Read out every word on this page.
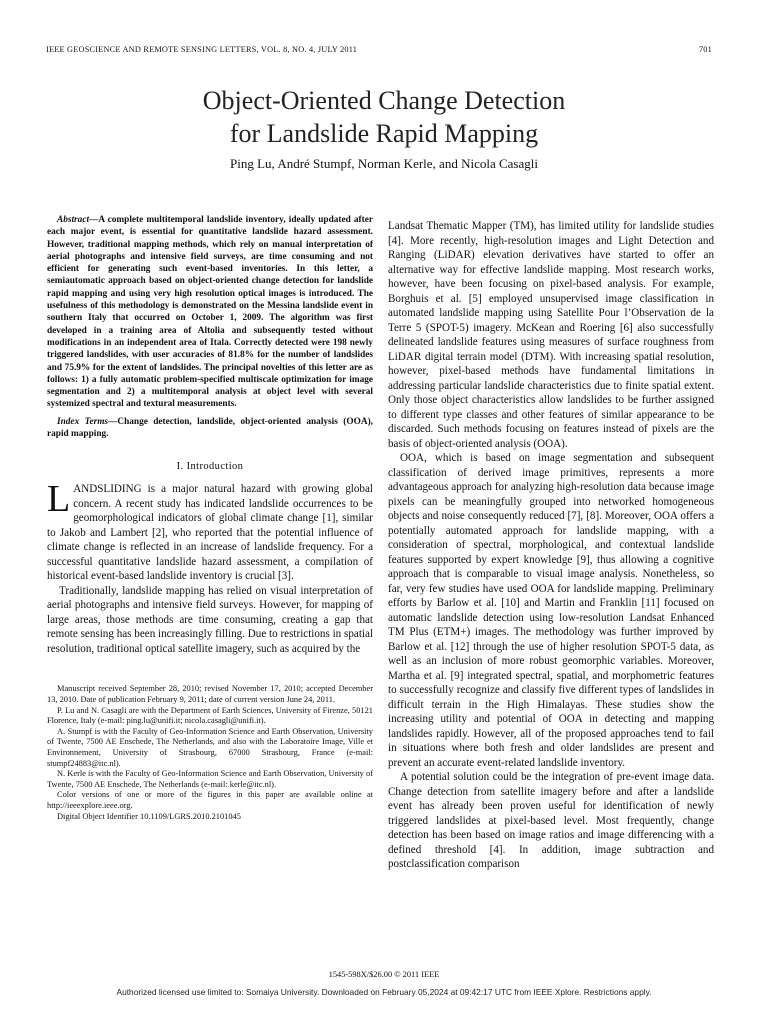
IEEE GEOSCIENCE AND REMOTE SENSING LETTERS, VOL. 8, NO. 4, JULY 2011	701
Object-Oriented Change Detection
for Landslide Rapid Mapping
Ping Lu, André Stumpf, Norman Kerle, and Nicola Casagli

Abstract—A complete multitemporal landslide inventory, ideally updated after each major event, is essential for quantitative landslide hazard assessment. However, traditional mapping methods, which rely on manual interpretation of aerial photographs and intensive field surveys, are time consuming and not efficient for generating such event-based inventories. In this letter, a semiautomatic approach based on object-oriented change detection for landslide rapid mapping and using very high resolution optical images is introduced. The usefulness of this methodology is demonstrated on the Messina landslide event in southern Italy that occurred on October 1, 2009. The algorithm was first developed in a training area of Altolia and subsequently tested without modifications in an independent area of Itala. Correctly detected were 198 newly triggered landslides, with user accuracies of 81.8% for the number of landslides and 75.9% for the extent of landslides. The principal novelties of this letter are as follows: 1) a fully automatic problem-specified multiscale optimization for image segmentation and 2) a multitemporal analysis at object level with several systemized spectral and textural measurements.

Index Terms—Change detection, landslide, object-oriented analysis (OOA), rapid mapping.

I. Introduction

LANDSLIDING is a major natural hazard with growing global concern. A recent study has indicated landslide occurrences to be geomorphological indicators of global climate change [1], similar to Jakob and Lambert [2], who reported that the potential influence of climate change is reflected in an increase of landslide frequency. For a successful quantitative landslide hazard assessment, a compilation of historical event-based landslide inventory is crucial [3].

Traditionally, landslide mapping has relied on visual interpretation of aerial photographs and intensive field surveys. However, for mapping of large areas, those methods are time consuming, creating a gap that remote sensing has been increasingly filling. Due to restrictions in spatial resolution, traditional optical satellite imagery, such as acquired by the

Manuscript received September 28, 2010; revised November 17, 2010; accepted December 13, 2010. Date of publication February 9, 2011; date of current version June 24, 2011.

P. Lu and N. Casagli are with the Department of Earth Sciences, University of Firenze, 50121 Florence, Italy (e-mail: ping.lu@unifi.it; nicola.casagli@unifi.it).

A. Stumpf is with the Faculty of Geo-Information Science and Earth Observation, University of Twente, 7500 AE Enschede, The Netherlands, and also with the Laboratoire Image, Ville et Environnement, University of Strasbourg, 67000 Strasbourg, France (e-mail: stumpf24883@itc.nl).

N. Kerle is with the Faculty of Geo-Information Science and Earth Observation, University of Twente, 7500 AE Enschede, The Netherlands (e-mail: kerle@itc.nl).

Color versions of one or more of the figures in this paper are available online at http://ieeexplore.ieee.org.

Digital Object Identifier 10.1109/LGRS.2010.2101045

Landsat Thematic Mapper (TM), has limited utility for landslide studies [4]. More recently, high-resolution images and Light Detection and Ranging (LiDAR) elevation derivatives have started to offer an alternative way for effective landslide mapping. Most research works, however, have been focusing on pixel-based analysis. For example, Borghuis et al. [5] employed unsupervised image classification in automated landslide mapping using Satellite Pour l’Observation de la Terre 5 (SPOT-5) imagery. McKean and Roering [6] also successfully delineated landslide features using measures of surface roughness from LiDAR digital terrain model (DTM). With increasing spatial resolution, however, pixel-based methods have fundamental limitations in addressing particular landslide characteristics due to finite spatial extent. Only those object characteristics allow landslides to be further assigned to different type classes and other features of similar appearance to be discarded. Such methods focusing on features instead of pixels are the basis of object-oriented analysis (OOA).

OOA, which is based on image segmentation and subsequent classification of derived image primitives, represents a more advantageous approach for analyzing high-resolution data because image pixels can be meaningfully grouped into networked homogeneous objects and noise consequently reduced [7], [8]. Moreover, OOA offers a potentially automated approach for landslide mapping, with a consideration of spectral, morphological, and contextual landslide features supported by expert knowledge [9], thus allowing a cognitive approach that is comparable to visual image analysis. Nonetheless, so far, very few studies have used OOA for landslide mapping. Preliminary efforts by Barlow et al. [10] and Martin and Franklin [11] focused on automatic landslide detection using low-resolution Landsat Enhanced TM Plus (ETM+) images. The methodology was further improved by Barlow et al. [12] through the use of higher resolution SPOT-5 data, as well as an inclusion of more robust geomorphic variables. Moreover, Martha et al. [9] integrated spectral, spatial, and morphometric features to successfully recognize and classify five different types of landslides in difficult terrain in the High Himalayas. These studies show the increasing utility and potential of OOA in detecting and mapping landslides rapidly. However, all of the proposed approaches tend to fail in situations where both fresh and older landslides are present and prevent an accurate event-related landslide inventory.

A potential solution could be the integration of pre-event image data. Change detection from satellite imagery before and after a landslide event has already been proven useful for identification of newly triggered landslides at pixel-based level. Most frequently, change detection has been based on image ratios and image differencing with a defined threshold [4]. In addition, image subtraction and postclassification comparison

1545-598X/$26.00 © 2011 IEEE
Authorized licensed use limited to: Somaiya University. Downloaded on February 05,2024 at 09:42:17 UTC from IEEE Xplore. Restrictions apply.
